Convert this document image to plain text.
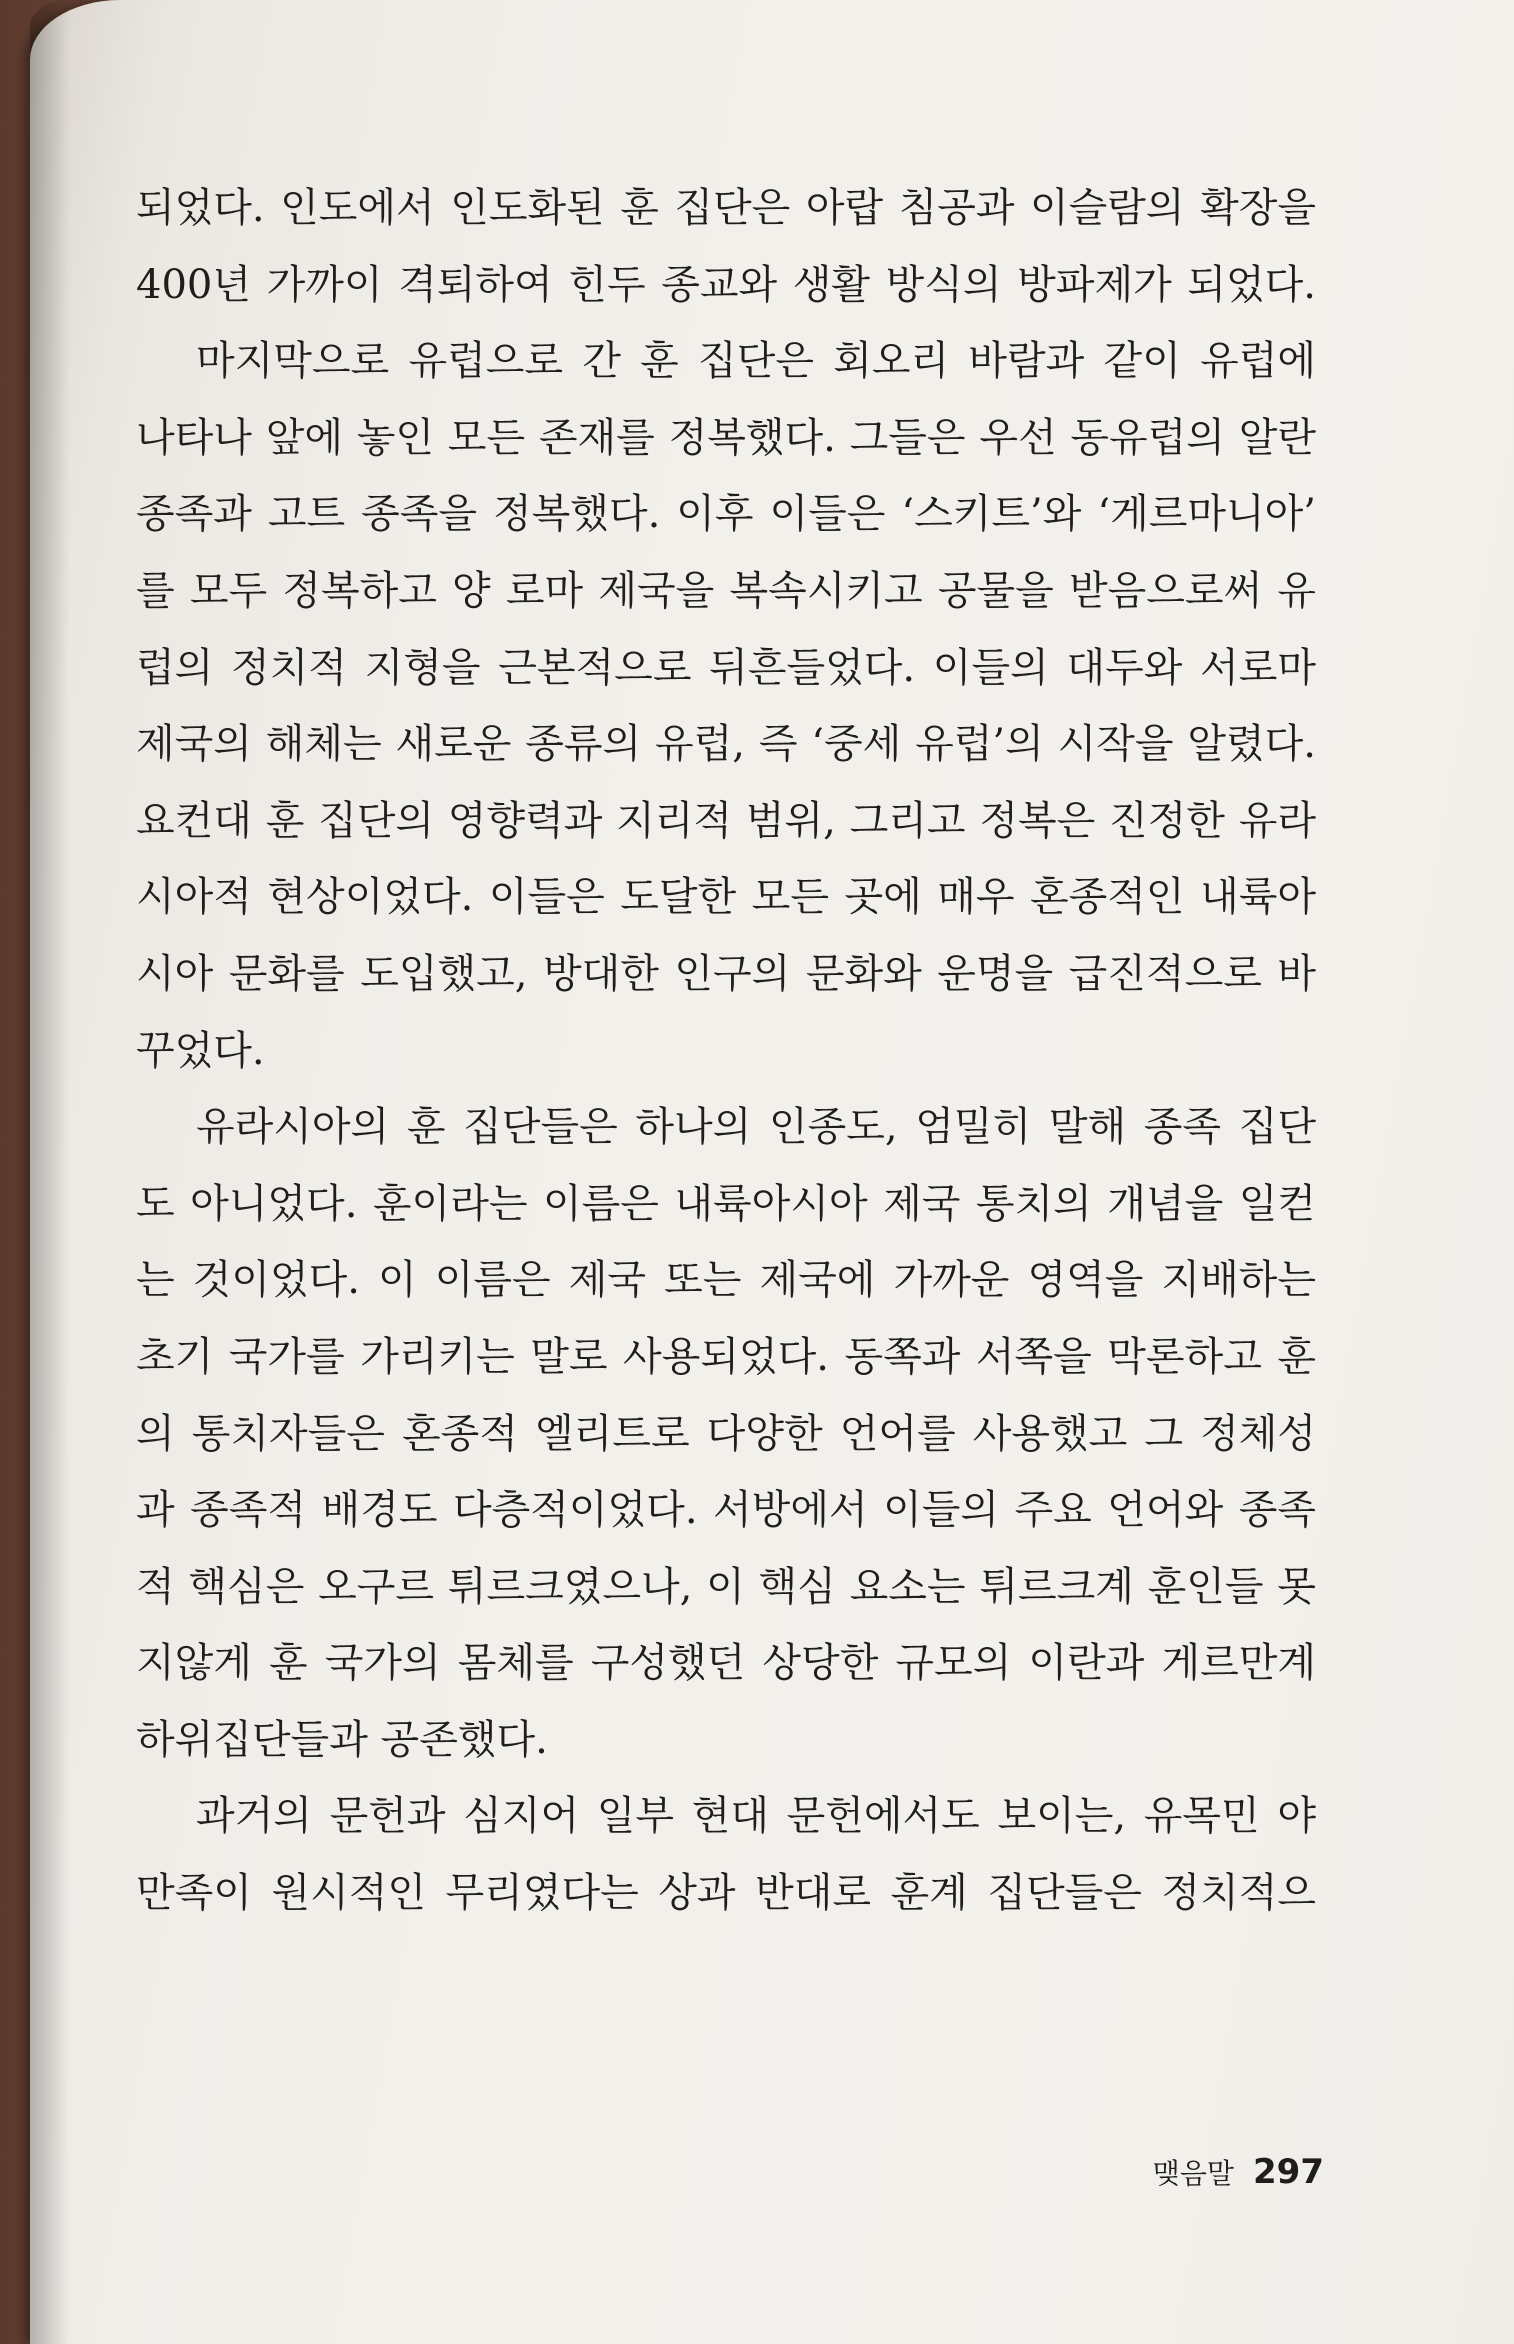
되었다. 인도에서 인도화된 훈 집단은 아랍 침공과 이슬람의 확장을
400년 가까이 격퇴하여 힌두 종교와 생활 방식의 방파제가 되었다.
마지막으로 유럽으로 간 훈 집단은 회오리 바람과 같이 유럽에
나타나 앞에 놓인 모든 존재를 정복했다. 그들은 우선 동유럽의 알란
종족과 고트 종족을 정복했다. 이후 이들은 ‘스키트’와 ‘게르마니아’
를 모두 정복하고 양 로마 제국을 복속시키고 공물을 받음으로써 유
럽의 정치적 지형을 근본적으로 뒤흔들었다. 이들의 대두와 서로마
제국의 해체는 새로운 종류의 유럽, 즉 ‘중세 유럽’의 시작을 알렸다.
요컨대 훈 집단의 영향력과 지리적 범위, 그리고 정복은 진정한 유라
시아적 현상이었다. 이들은 도달한 모든 곳에 매우 혼종적인 내륙아
시아 문화를 도입했고, 방대한 인구의 문화와 운명을 급진적으로 바
꾸었다.
유라시아의 훈 집단들은 하나의 인종도, 엄밀히 말해 종족 집단
도 아니었다. 훈이라는 이름은 내륙아시아 제국 통치의 개념을 일컫
는 것이었다. 이 이름은 제국 또는 제국에 가까운 영역을 지배하는
초기 국가를 가리키는 말로 사용되었다. 동쪽과 서쪽을 막론하고 훈
의 통치자들은 혼종적 엘리트로 다양한 언어를 사용했고 그 정체성
과 종족적 배경도 다층적이었다. 서방에서 이들의 주요 언어와 종족
적 핵심은 오구르 튀르크였으나, 이 핵심 요소는 튀르크계 훈인들 못
지않게 훈 국가의 몸체를 구성했던 상당한 규모의 이란과 게르만계
하위집단들과 공존했다.
과거의 문헌과 심지어 일부 현대 문헌에서도 보이는, 유목민 야
만족이 원시적인 무리였다는 상과 반대로 훈계 집단들은 정치적으
맺음말 297
